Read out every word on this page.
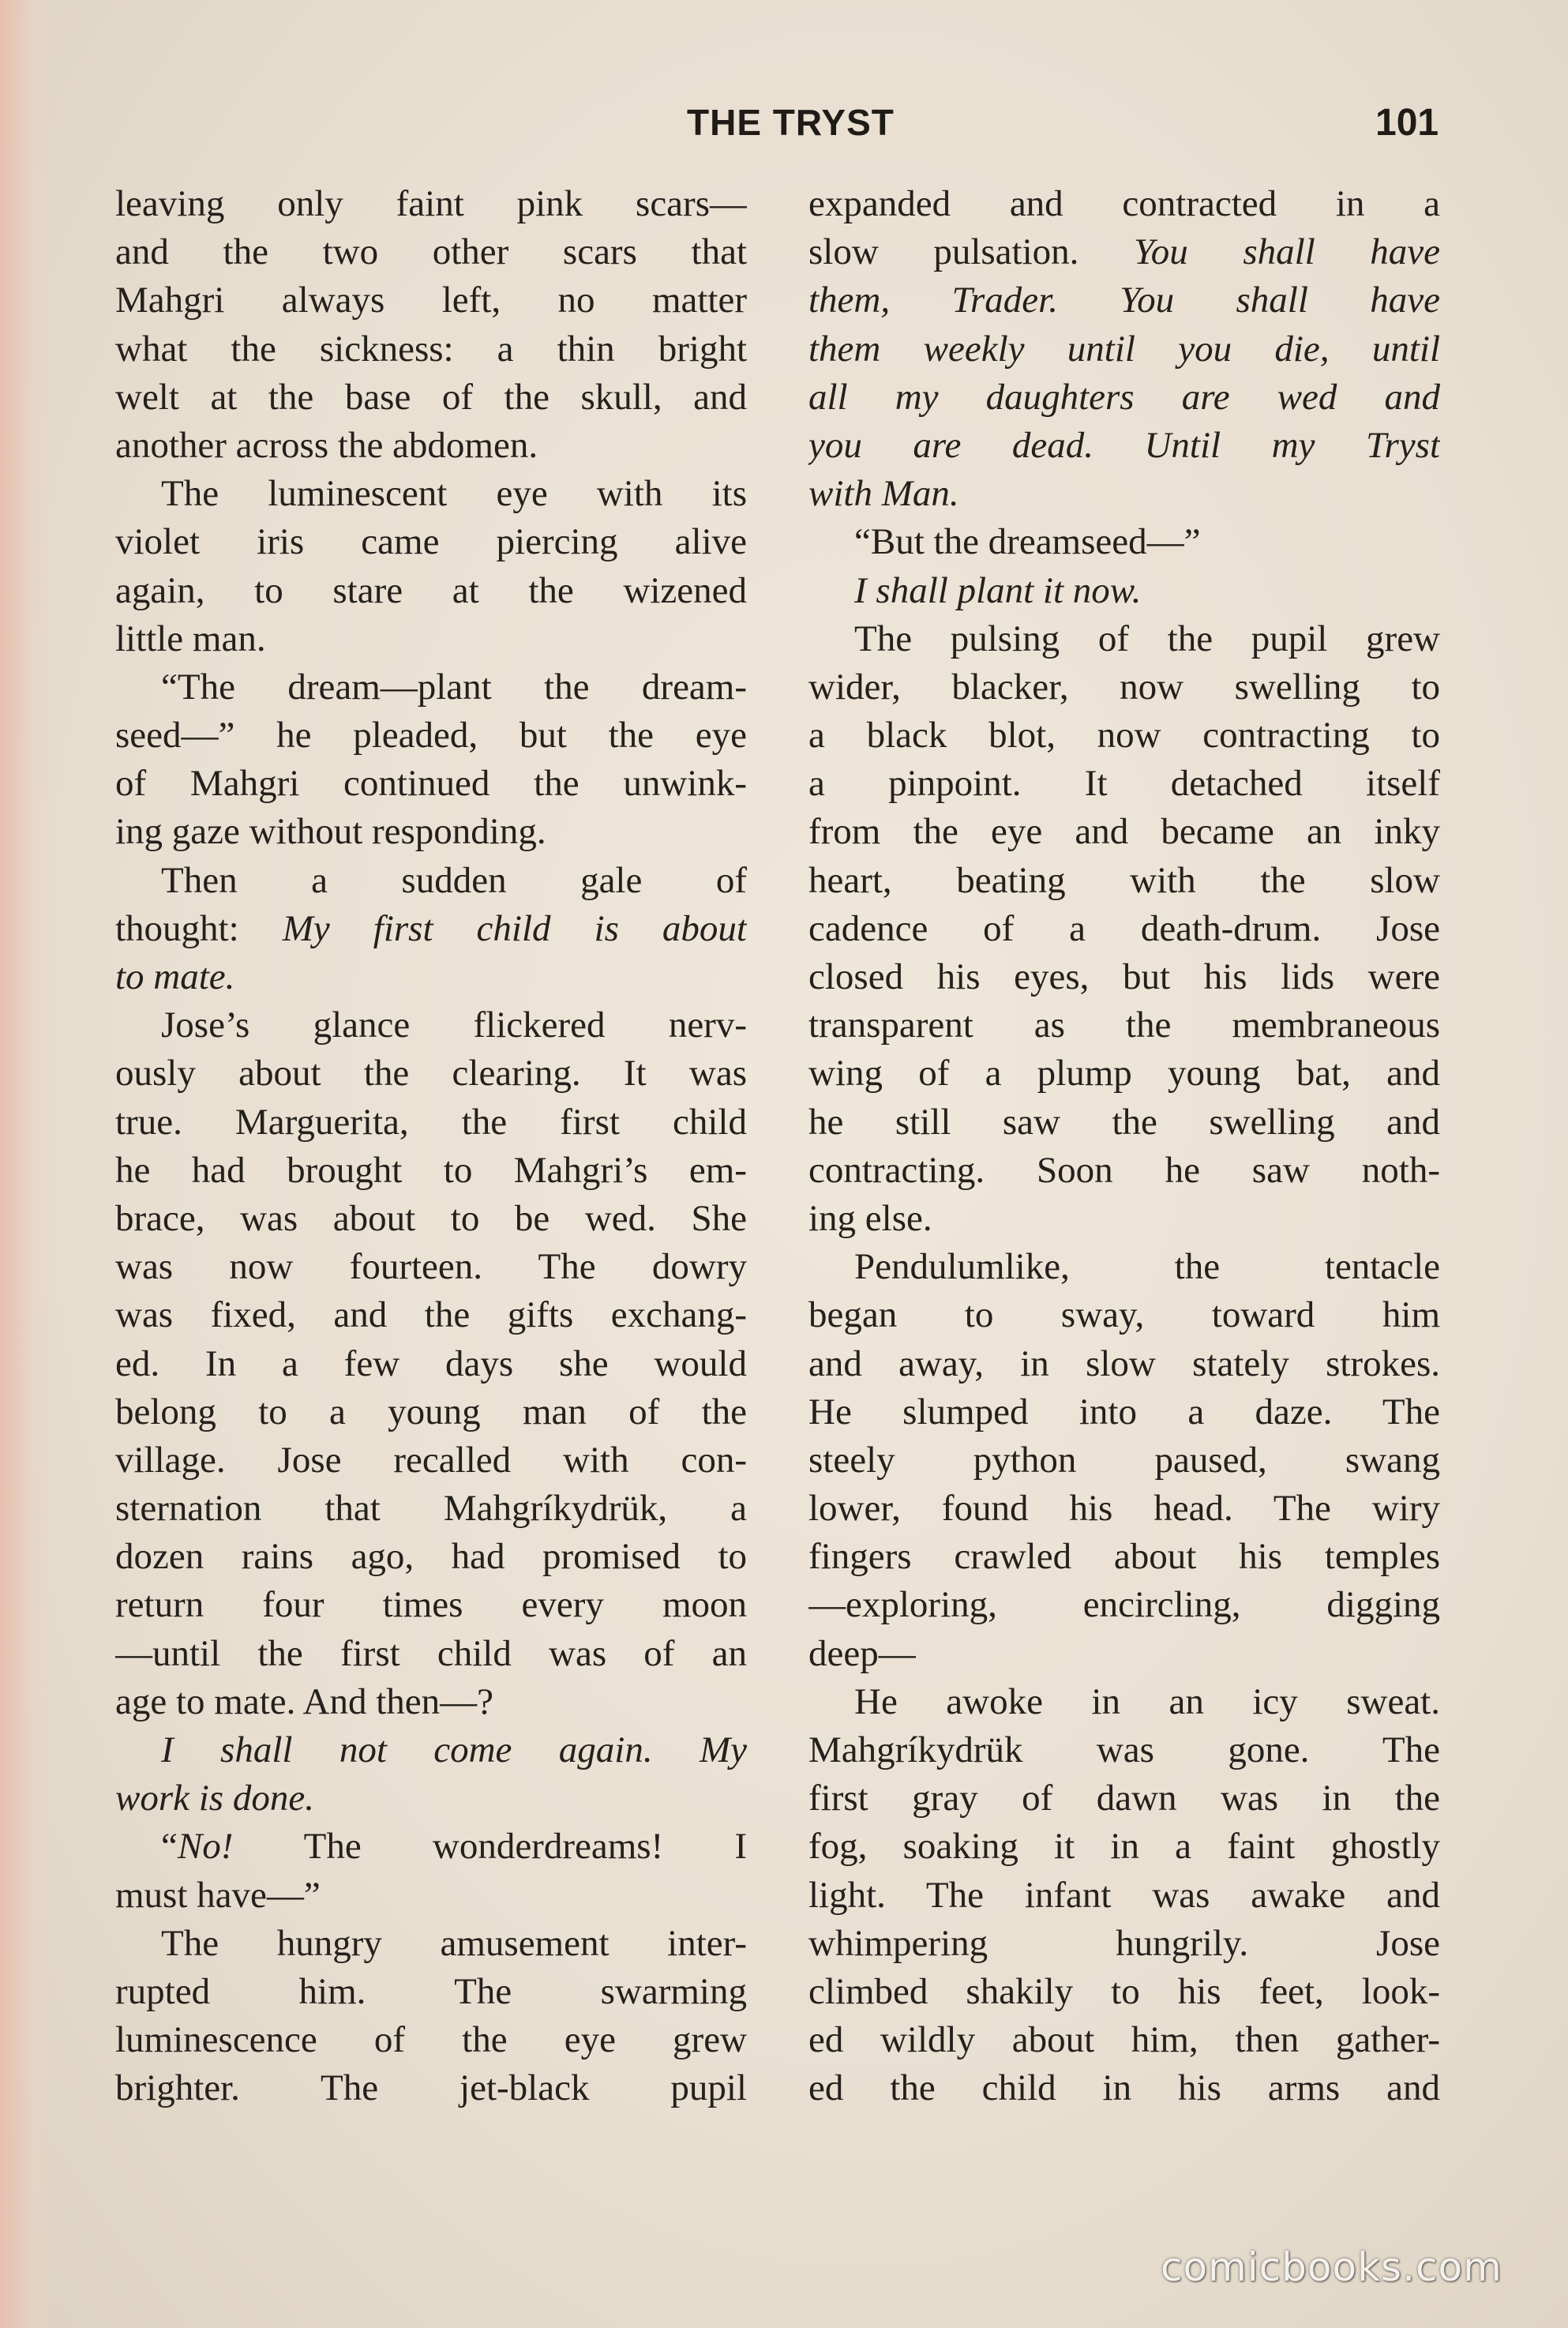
THE TRYST	101
leaving only faint pink scars—
and the two other scars that
Mahgri always left, no matter
what the sickness: a thin bright
welt at the base of the skull, and
another across the abdomen.
The luminescent eye with its
violet iris came piercing alive
again, to stare at the wizened
little man.
“The dream—plant the dream-
seed—” he pleaded, but the eye
of Mahgri continued the unwink-
ing gaze without responding.
Then a sudden gale of
thought: My first child is about
to mate.
Jose’s glance flickered nerv-
ously about the clearing. It was
true. Marguerita, the first child
he had brought to Mahgri’s em-
brace, was about to be wed. She
was now fourteen. The dowry
was fixed, and the gifts exchang-
ed. In a few days she would
belong to a young man of the
village. Jose recalled with con-
sternation that Mahgríkydrük, a
dozen rains ago, had promised to
return four times every moon
—until the first child was of an
age to mate. And then—?
I shall not come again. My
work is done.
“No! The wonderdreams! I
must have—”
The hungry amusement inter-
rupted him. The swarming
luminescence of the eye grew
brighter. The jet-black pupil
expanded and contracted in a
slow pulsation. You shall have
them, Trader. You shall have
them weekly until you die, until
all my daughters are wed and
you are dead. Until my Tryst
with Man.
“But the dreamseed—”
I shall plant it now.
The pulsing of the pupil grew
wider, blacker, now swelling to
a black blot, now contracting to
a pinpoint. It detached itself
from the eye and became an inky
heart, beating with the slow
cadence of a death-drum. Jose
closed his eyes, but his lids were
transparent as the membraneous
wing of a plump young bat, and
he still saw the swelling and
contracting. Soon he saw noth-
ing else.
Pendulumlike, the tentacle
began to sway, toward him
and away, in slow stately strokes.
He slumped into a daze. The
steely python paused, swang
lower, found his head. The wiry
fingers crawled about his temples
—exploring, encircling, digging
deep—
He awoke in an icy sweat.
Mahgríkydrük was gone. The
first gray of dawn was in the
fog, soaking it in a faint ghostly
light. The infant was awake and
whimpering hungrily. Jose
climbed shakily to his feet, look-
ed wildly about him, then gather-
ed the child in his arms and
comicbooks.com
